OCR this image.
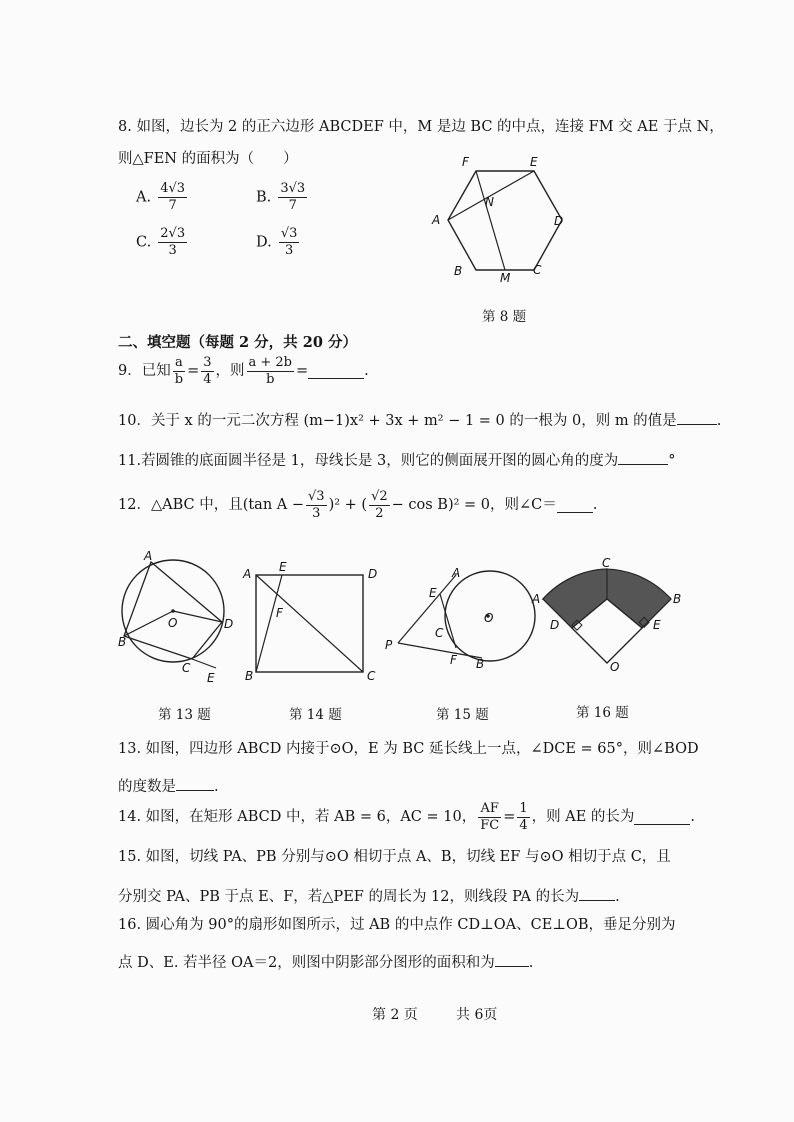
8. 如图，边长为 2 的正六边形 ABCDEF 中，M 是边 BC 的中点，连接 FM 交 AE 于点 N，
则△FEN 的面积为（　　）
A. $\frac{4√3}{7}$	B. $\frac{3√3}{7}$
C. $\frac{2√3}{3}$	D. $\frac{√3}{3}$
F	E
A
N
D
B	M
C
第 8 题
二、填空题（每题 2 分，共 20 分）
9．已知 $\frac{a}{b} = \frac{3}{4}$ ，则 $\frac{a + 2b}{b}$ =	.
10．关于 x 的一元二次方程 (m−1)x² + 3x + m² − 1 = 0 的一根为 0，则 m 的值是	.
11.若圆锥的底面圆半径是 1，母线长是 3，则它的侧面展开图的圆心角的度为	°
12．△ABC 中，且 (tan $A - \frac{√3}{3} )^2$ + ( $\frac{√2}{2} - \cos B)^2 = 0$，则∠C＝ .
A
O	D
B
C
E
第 13 题
A E	D
F
B	C
第 14 题
A
E
O
C
P
F B
第 15 题
C
A	B
D	E
O
第 16 题
13. 如图，四边形 ABCD 内接于⊙O，E 为 BC 延长线上一点，∠DCE = 65°，则∠BOD
的度数是	.
14. 如图，在矩形 ABCD 中，若 AB = 6，AC = 10， $\frac{AF}{FC} = \frac{1}{4}$ ，则 AE 的长为	.
15. 如图，切线 PA、PB 分别与⊙O 相切于点 A、B，切线 EF 与⊙O 相切于点 C，且
分别交 PA、PB 于点 E、F，若△PEF 的周长为 12，则线段 PA 的长为 .
16. 圆心角为 90°的扇形如图所示，过 AB 的中点作 CD⊥OA、CE⊥OB，垂足分别为
点 D、E. 若半径 OA＝2，则图中阴影部分图形的面积和为 .
第 2 页	共 6页
